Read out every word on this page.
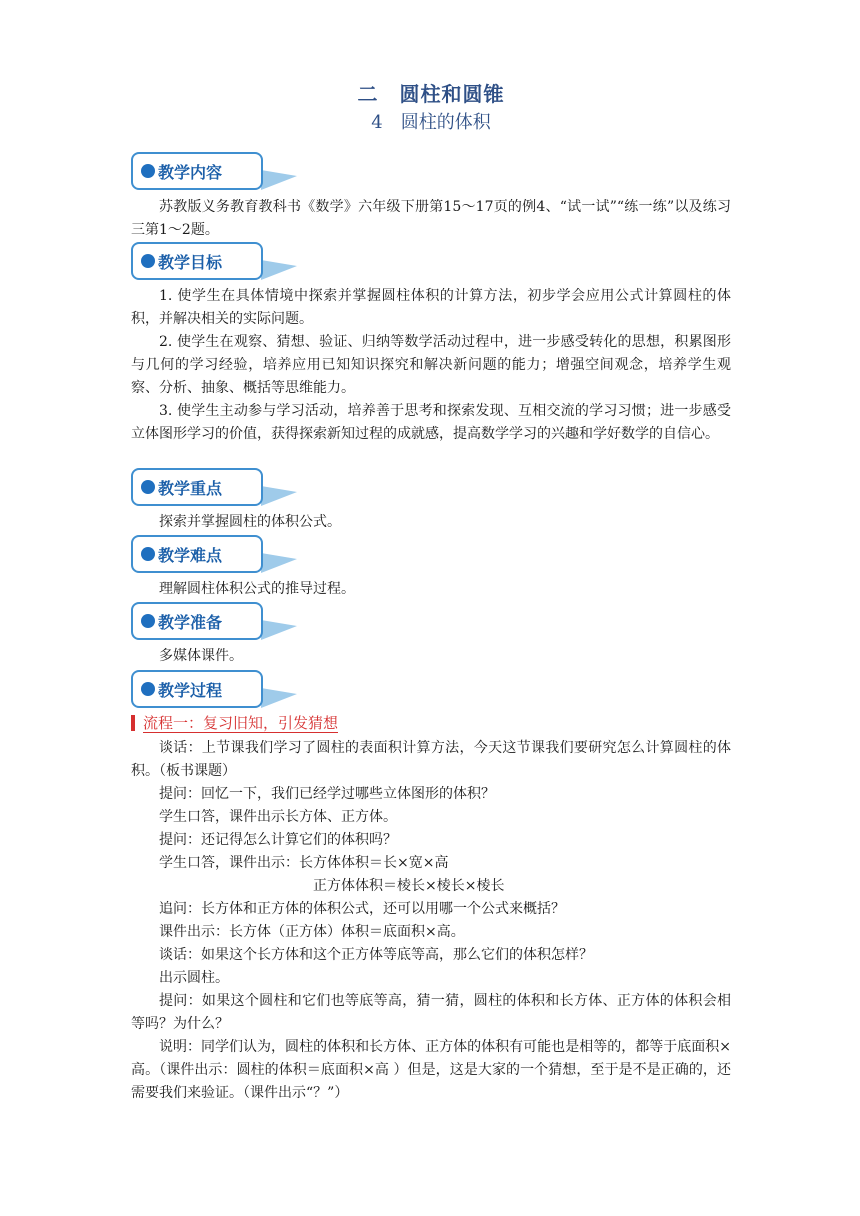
二　圆柱和圆锥
4　圆柱的体积
教学内容
苏教版义务教育教科书《数学》六年级下册第15～17页的例4、“试一试”“练一练”以及练习三第1～2题。
教学目标
1. 使学生在具体情境中探索并掌握圆柱体积的计算方法，初步学会应用公式计算圆柱的体积，并解决相关的实际问题。
2. 使学生在观察、猜想、验证、归纳等数学活动过程中，进一步感受转化的思想，积累图形与几何的学习经验，培养应用已知知识探究和解决新问题的能力；增强空间观念，培养学生观察、分析、抽象、概括等思维能力。
3. 使学生主动参与学习活动，培养善于思考和探索发现、互相交流的学习习惯；进一步感受立体图形学习的价值，获得探索新知过程的成就感，提高数学学习的兴趣和学好数学的自信心。
教学重点
探索并掌握圆柱的体积公式。
教学难点
理解圆柱体积公式的推导过程。
教学准备
多媒体课件。
教学过程
流程一：复习旧知，引发猜想
谈话：上节课我们学习了圆柱的表面积计算方法，今天这节课我们要研究怎么计算圆柱的体积。（板书课题）
提问：回忆一下，我们已经学过哪些立体图形的体积？
学生口答，课件出示长方体、正方体。
提问：还记得怎么计算它们的体积吗？
学生口答，课件出示：长方体体积＝长×宽×高
正方体体积＝棱长×棱长×棱长
追问：长方体和正方体的体积公式，还可以用哪一个公式来概括？
课件出示：长方体（正方体）体积＝底面积×高。
谈话：如果这个长方体和这个正方体等底等高，那么它们的体积怎样？
出示圆柱。
提问：如果这个圆柱和它们也等底等高，猜一猜，圆柱的体积和长方体、正方体的体积会相等吗？为什么？
说明：同学们认为，圆柱的体积和长方体、正方体的体积有可能也是相等的，都等于底面积×高。（课件出示：圆柱的体积＝底面积×高 ）但是，这是大家的一个猜想，至于是不是正确的，还需要我们来验证。（课件出示“？”）
